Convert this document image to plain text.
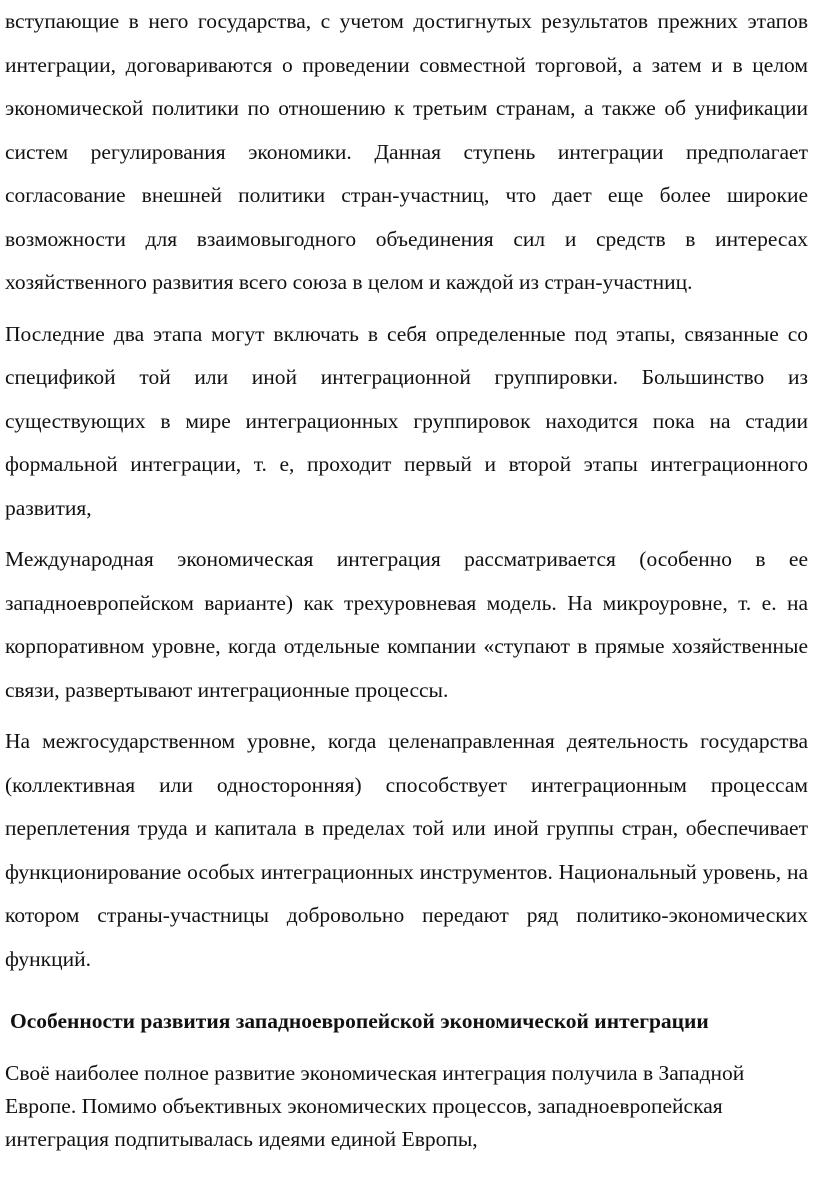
вступающие в него государства, с учетом достигнутых результатов прежних этапов интеграции, договариваются о проведении совместной торговой, а затем и в целом экономической политики по отношению к третьим странам, а также об унификации систем регулирования экономики. Данная ступень интеграции предполагает согласование внешней политики стран-участниц, что дает еще более широкие возможности для взаимовыгодного объединения сил и средств в интересах хозяйственного развития всего союза в целом и каждой из стран-участниц.

Последние два этапа могут включать в себя определенные под этапы, связанные со спецификой той или иной интеграционной группировки. Большинство из существующих в мире интеграционных группировок находится пока на стадии формальной интеграции, т. е, проходит первый и второй этапы интеграционного развития,

Международная экономическая интеграция рассматривается (особенно в ее западноевропейском варианте) как трехуровневая модель. На микроуровне, т. е. на корпоративном уровне, когда отдельные компании «ступают в прямые хозяйственные связи, развертывают интеграционные процессы.

На межгосударственном уровне, когда целенаправленная деятельность государства (коллективная или односторонняя) способствует интеграционным процессам переплетения труда и капитала в пределах той или иной группы стран, обеспечивает функционирование особых интеграционных инструментов. Национальный уровень, на котором страны-участницы добровольно передают ряд политико-экономических функций.

Особенности развития западноевропейской экономической интеграции

Своё наиболее полное развитие экономическая интеграция получила в Западной Европе. Помимо объективных экономических процессов, западноевропейская интеграция подпитывалась идеями единой Европы,
